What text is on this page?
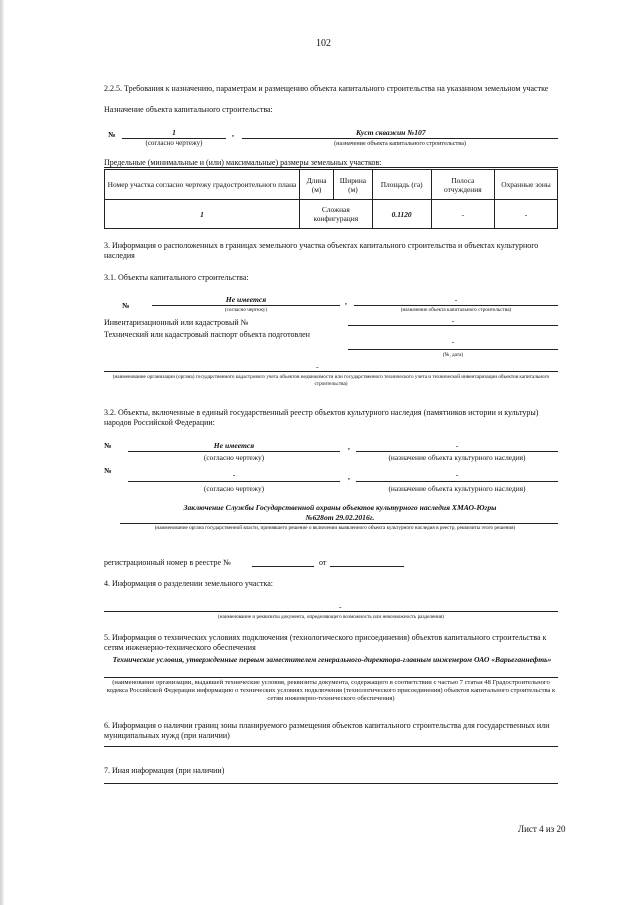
102
2.2.5. Требования к назначению, параметрам и размещению объекта капитального строительства на указанном земельном участке
Назначение объекта капитального строительства:
№	1
(согласно чертежу)
,	Куст скважин №107
(назначение объекта капитального строительства)
Предельные (минимальные и (или) максимальные) размеры земельных участков:
Номер участка согласно чертежу градостроительного плана	Длина (м)	Ширина (м)	Площадь (га)	Полоса отчуждения	Охранные зоны
1	Сложная конфигурация		0.1120	-	-
3. Информация о расположенных в границах земельного участка объектах капитального строительства и объектах культурного наследия
3.1. Объекты капитального строительства:
№
Не имеется
(согласно чертежу)
,	-
(назначение объекта капитального строительства)
Инвентаризационный или кадастровый №	-
Технический или кадастровый паспорт объекта подготовлен
-
(№, дата)
-
(наименование организации (органа) государственного кадастрового учета объектов недвижимости или государственного технического учета и технической инвентаризации объектов капитального строительства)
3.2. Объекты, включенные в единый государственный реестр объектов культурного наследия (памятников истории и культуры) народов Российской Федерации:
№	Не имеется
(согласно чертежу)
,	-
(назначение объекта культурного наследия)
№	-
(согласно чертежу)
,	-
(назначение объекта культурного наследия)
Заключение Службы Государственной охраны объектов культурного наследия ХМАО-Югры №628от 29.02.2016г.
(наименование органа государственной власти, принявшего решение о включении выявленного объекта культурного наследия в реестр, реквизиты этого решения)
регистрационный номер в реестре №	от
4. Информация о разделении земельного участка:
-
(наименование и реквизиты документа, определяющего возможность или невозможность разделения)
5. Информация о технических условиях подключения (технологического присоединения) объектов капитального строительства к сетям инженерно-технического обеспечения
Технические условия, утвержденные первым заместителем генерального-директора-главным инженером ОАО «Варьеганнефть»
(наименование организации, выдавшей технические условия, реквизиты документа, содержащего в соответствии с частью 7 статьи 48 Градостроительного кодекса Российской Федерации информацию о технических условиях подключения (технологического присоединения) объектов капитального строительства к сетям инженерно-технического обеспечения)
6. Информация о наличии границ зоны планируемого размещения объектов капитального строительства для государственных или муниципальных нужд (при наличии)
7. Иная информация (при наличии)
Лист 4 из 20
